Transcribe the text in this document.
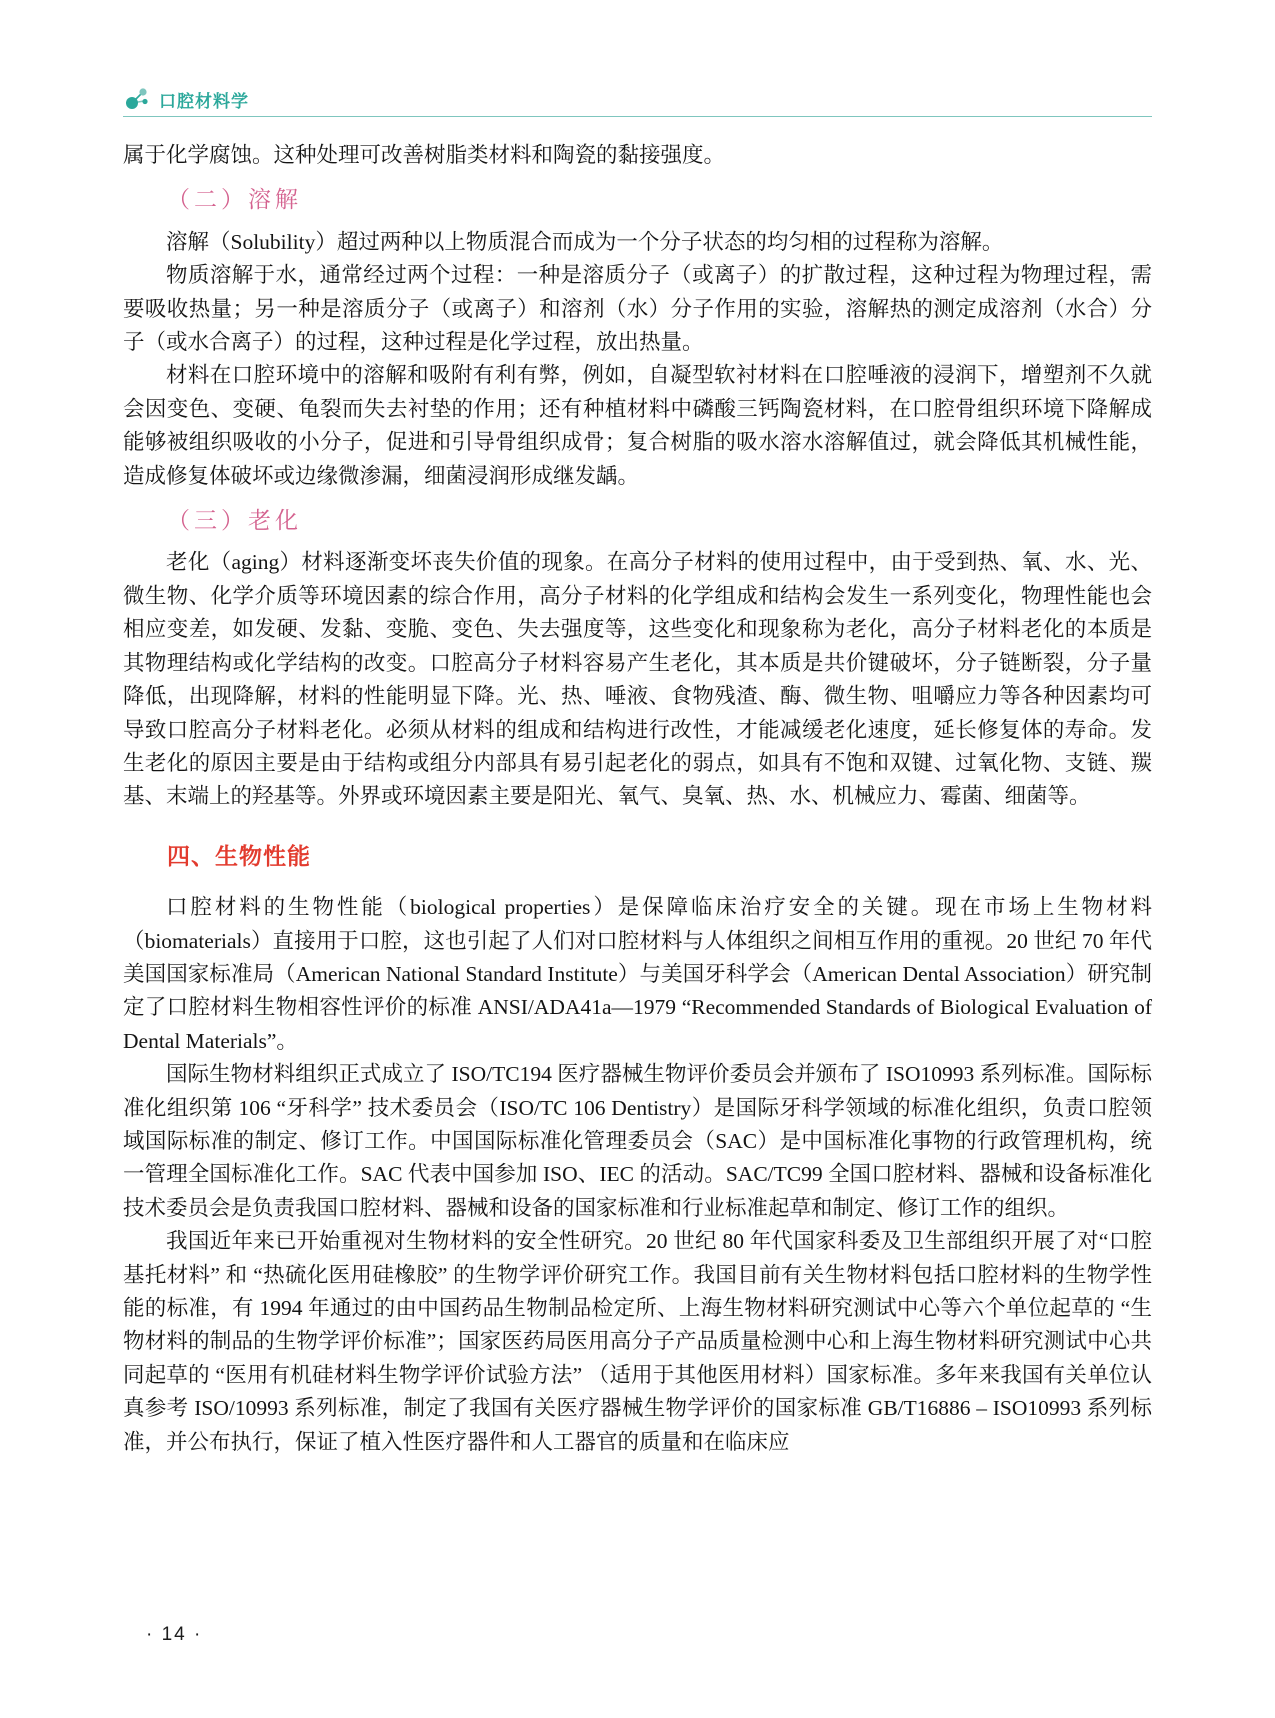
口腔材料学

属于化学腐蚀。这种处理可改善树脂类材料和陶瓷的黏接强度。

（二）溶解

溶解（Solubility）超过两种以上物质混合而成为一个分子状态的均匀相的过程称为溶解。

物质溶解于水，通常经过两个过程：一种是溶质分子（或离子）的扩散过程，这种过程为物理过程，需要吸收热量；另一种是溶质分子（或离子）和溶剂（水）分子作用的实验，溶解热的测定成溶剂（水合）分子（或水合离子）的过程，这种过程是化学过程，放出热量。

材料在口腔环境中的溶解和吸附有利有弊，例如，自凝型软衬材料在口腔唾液的浸润下，增塑剂不久就会因变色、变硬、龟裂而失去衬垫的作用；还有种植材料中磷酸三钙陶瓷材料，在口腔骨组织环境下降解成能够被组织吸收的小分子，促进和引导骨组织成骨；复合树脂的吸水溶水溶解值过，就会降低其机械性能，造成修复体破坏或边缘微渗漏，细菌浸润形成继发龋。

（三）老化

老化（aging）材料逐渐变坏丧失价值的现象。在高分子材料的使用过程中，由于受到热、氧、水、光、微生物、化学介质等环境因素的综合作用，高分子材料的化学组成和结构会发生一系列变化，物理性能也会相应变差，如发硬、发黏、变脆、变色、失去强度等，这些变化和现象称为老化，高分子材料老化的本质是其物理结构或化学结构的改变。口腔高分子材料容易产生老化，其本质是共价键破坏，分子链断裂，分子量降低，出现降解，材料的性能明显下降。光、热、唾液、食物残渣、酶、微生物、咀嚼应力等各种因素均可导致口腔高分子材料老化。必须从材料的组成和结构进行改性，才能减缓老化速度，延长修复体的寿命。发生老化的原因主要是由于结构或组分内部具有易引起老化的弱点，如具有不饱和双键、过氧化物、支链、羰基、末端上的羟基等。外界或环境因素主要是阳光、氧气、臭氧、热、水、机械应力、霉菌、细菌等。

四、生物性能

口腔材料的生物性能（biological properties）是保障临床治疗安全的关键。现在市场上生物材料（biomaterials）直接用于口腔，这也引起了人们对口腔材料与人体组织之间相互作用的重视。20 世纪 70 年代美国国家标准局（American National Standard Institute）与美国牙科学会（American Dental Association）研究制定了口腔材料生物相容性评价的标准 ANSI/ADA41a—1979 “Recommended Standards of Biological Evaluation of Dental Materials”。

国际生物材料组织正式成立了 ISO/TC194 医疗器械生物评价委员会并颁布了 ISO10993 系列标准。国际标准化组织第 106 “牙科学” 技术委员会（ISO/TC 106 Dentistry）是国际牙科学领域的标准化组织，负责口腔领域国际标准的制定、修订工作。中国国际标准化管理委员会（SAC）是中国标准化事物的行政管理机构，统一管理全国标准化工作。SAC 代表中国参加 ISO、IEC 的活动。SAC/TC99 全国口腔材料、器械和设备标准化技术委员会是负责我国口腔材料、器械和设备的国家标准和行业标准起草和制定、修订工作的组织。

我国近年来已开始重视对生物材料的安全性研究。20 世纪 80 年代国家科委及卫生部组织开展了对“口腔基托材料” 和 “热硫化医用硅橡胶” 的生物学评价研究工作。我国目前有关生物材料包括口腔材料的生物学性能的标准，有 1994 年通过的由中国药品生物制品检定所、上海生物材料研究测试中心等六个单位起草的 “生物材料的制品的生物学评价标准”；国家医药局医用高分子产品质量检测中心和上海生物材料研究测试中心共同起草的 “医用有机硅材料生物学评价试验方法” （适用于其他医用材料）国家标准。多年来我国有关单位认真参考 ISO/10993 系列标准，制定了我国有关医疗器械生物学评价的国家标准 GB/T16886 – ISO10993 系列标准，并公布执行，保证了植入性医疗器件和人工器官的质量和在临床应

· 14 ·
